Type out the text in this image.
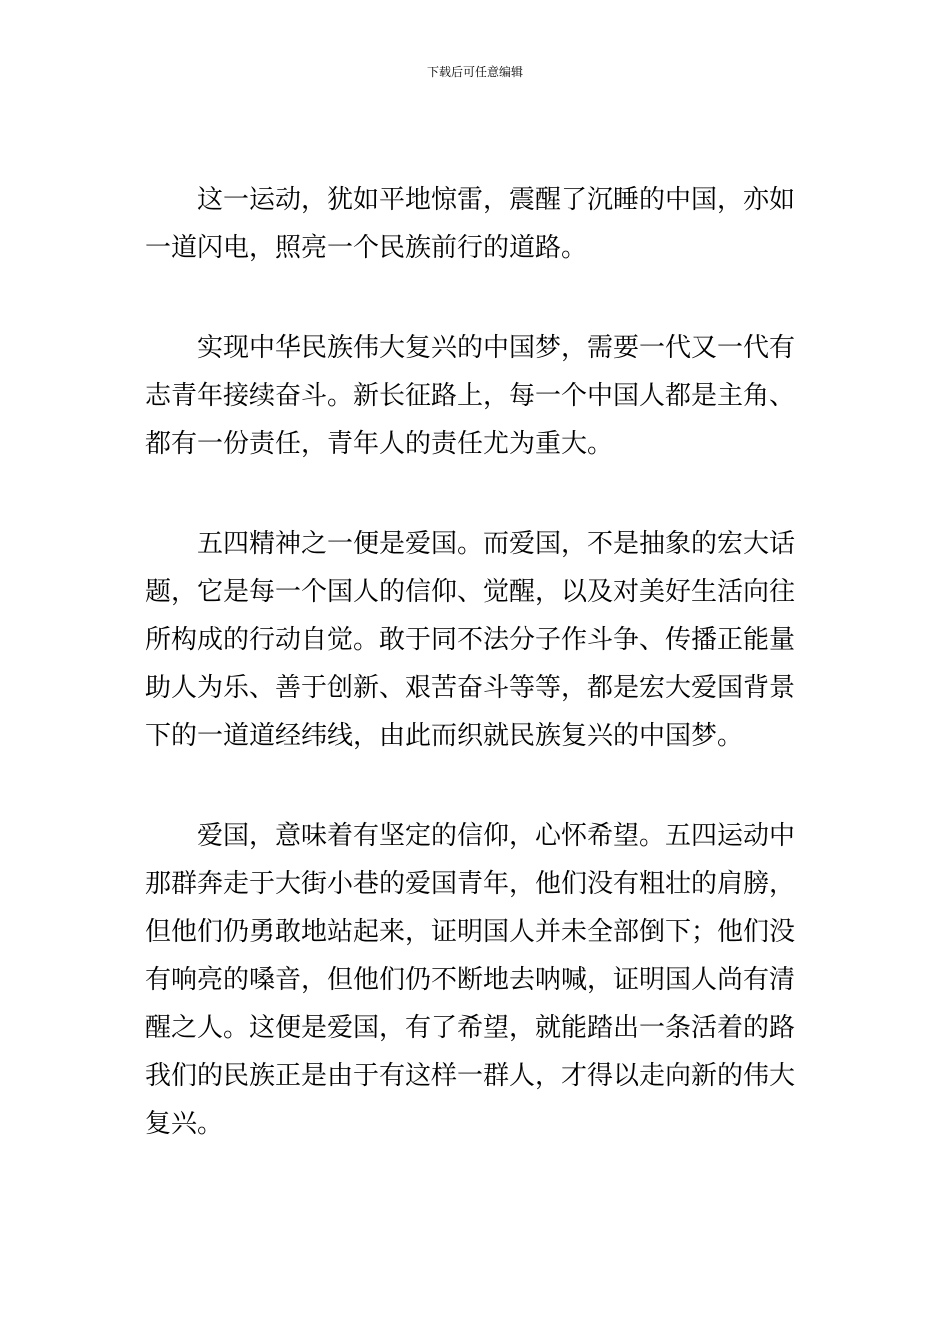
下载后可任意编辑

这一运动，犹如平地惊雷，震醒了沉睡的中国，亦如
一道闪电，照亮一个民族前行的道路。

实现中华民族伟大复兴的中国梦，需要一代又一代有
志青年接续奋斗。新长征路上，每一个中国人都是主角、
都有一份责任，青年人的责任尤为重大。

五四精神之一便是爱国。而爱国，不是抽象的宏大话
题，它是每一个国人的信仰、觉醒，以及对美好生活向往
所构成的行动自觉。敢于同不法分子作斗争、传播正能量
助人为乐、善于创新、艰苦奋斗等等，都是宏大爱国背景
下的一道道经纬线，由此而织就民族复兴的中国梦。

爱国，意味着有坚定的信仰，心怀希望。五四运动中
那群奔走于大街小巷的爱国青年，他们没有粗壮的肩膀，
但他们仍勇敢地站起来，证明国人并未全部倒下；他们没
有响亮的嗓音，但他们仍不断地去呐喊，证明国人尚有清
醒之人。这便是爱国，有了希望，就能踏出一条活着的路
我们的民族正是由于有这样一群人，才得以走向新的伟大
复兴。
